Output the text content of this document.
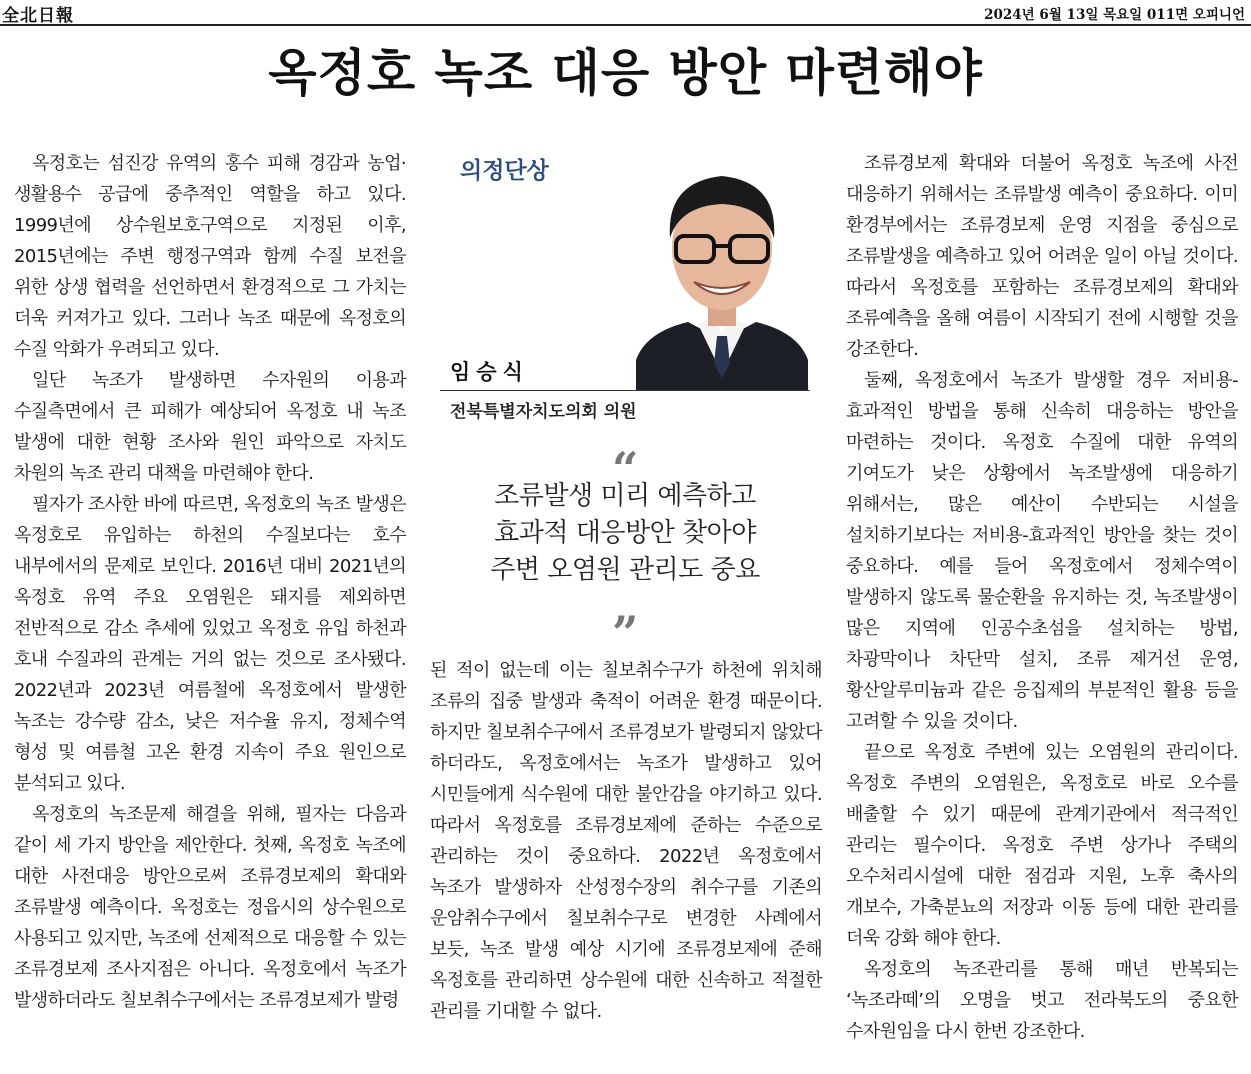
全北日報	2024년 6월 13일 목요일 011면 오피니언
옥정호 녹조 대응 방안 마련해야

옥정호는 섬진강 유역의 홍수 피해 경감과 농업·생활용수 공급에 중추적인 역할을 하고 있다. 1999년에 상수원보호구역으로 지정된 이후, 2015년에는 주변 행정구역과 함께 수질 보전을 위한 상생 협력을 선언하면서 환경적으로 그 가치는 더욱 커져가고 있다. 그러나 녹조 때문에 옥정호의 수질 악화가 우려되고 있다.

일단 녹조가 발생하면 수자원의 이용과 수질측면에서 큰 피해가 예상되어 옥정호 내 녹조 발생에 대한 현황 조사와 원인 파악으로 자치도 차원의 녹조 관리 대책을 마련해야 한다.

필자가 조사한 바에 따르면, 옥정호의 녹조 발생은 옥정호로 유입하는 하천의 수질보다는 호수 내부에서의 문제로 보인다. 2016년 대비 2021년의 옥정호 유역 주요 오염원은 돼지를 제외하면 전반적으로 감소 추세에 있었고 옥정호 유입 하천과 호내 수질과의 관계는 거의 없는 것으로 조사됐다. 2022년과 2023년 여름철에 옥정호에서 발생한 녹조는 강수량 감소, 낮은 저수율 유지, 정체수역 형성 및 여름철 고온 환경 지속이 주요 원인으로 분석되고 있다.

옥정호의 녹조문제 해결을 위해, 필자는 다음과 같이 세 가지 방안을 제안한다. 첫째, 옥정호 녹조에 대한 사전대응 방안으로써 조류경보제의 확대와 조류발생 예측이다. 옥정호는 정읍시의 상수원으로 사용되고 있지만, 녹조에 선제적으로 대응할 수 있는 조류경보제 조사지점은 아니다. 옥정호에서 녹조가 발생하더라도 칠보취수구에서는 조류경보제가 발령

의정단상
임승식
전북특별자치도의회 의원
“
조류발생 미리 예측하고
효과적 대응방안 찾아야
주변 오염원 관리도 중요
”

된 적이 없는데 이는 칠보취수구가 하천에 위치해 조류의 집중 발생과 축적이 어려운 환경 때문이다. 하지만 칠보취수구에서 조류경보가 발령되지 않았다 하더라도, 옥정호에서는 녹조가 발생하고 있어 시민들에게 식수원에 대한 불안감을 야기하고 있다. 따라서 옥정호를 조류경보제에 준하는 수준으로 관리하는 것이 중요하다. 2022년 옥정호에서 녹조가 발생하자 산성정수장의 취수구를 기존의 운암취수구에서 칠보취수구로 변경한 사례에서 보듯, 녹조 발생 예상 시기에 조류경보제에 준해 옥정호를 관리하면 상수원에 대한 신속하고 적절한 관리를 기대할 수 없다.

조류경보제 확대와 더불어 옥정호 녹조에 사전 대응하기 위해서는 조류발생 예측이 중요하다. 이미 환경부에서는 조류경보제 운영 지점을 중심으로 조류발생을 예측하고 있어 어려운 일이 아닐 것이다. 따라서 옥정호를 포함하는 조류경보제의 확대와 조류예측을 올해 여름이 시작되기 전에 시행할 것을 강조한다.

둘째, 옥정호에서 녹조가 발생할 경우 저비용-효과적인 방법을 통해 신속히 대응하는 방안을 마련하는 것이다. 옥정호 수질에 대한 유역의 기여도가 낮은 상황에서 녹조발생에 대응하기 위해서는, 많은 예산이 수반되는 시설을 설치하기보다는 저비용-효과적인 방안을 찾는 것이 중요하다. 예를 들어 옥정호에서 정체수역이 발생하지 않도록 물순환을 유지하는 것, 녹조발생이 많은 지역에 인공수초섬을 설치하는 방법, 차광막이나 차단막 설치, 조류 제거선 운영, 황산알루미늄과 같은 응집제의 부분적인 활용 등을 고려할 수 있을 것이다.

끝으로 옥정호 주변에 있는 오염원의 관리이다. 옥정호 주변의 오염원은, 옥정호로 바로 오수를 배출할 수 있기 때문에 관계기관에서 적극적인 관리는 필수이다. 옥정호 주변 상가나 주택의 오수처리시설에 대한 점검과 지원, 노후 축사의 개보수, 가축분뇨의 저장과 이동 등에 대한 관리를 더욱 강화 해야 한다.

옥정호의 녹조관리를 통해 매년 반복되는 ‘녹조라떼’의 오명을 벗고 전라북도의 중요한 수자원임을 다시 한번 강조한다.
